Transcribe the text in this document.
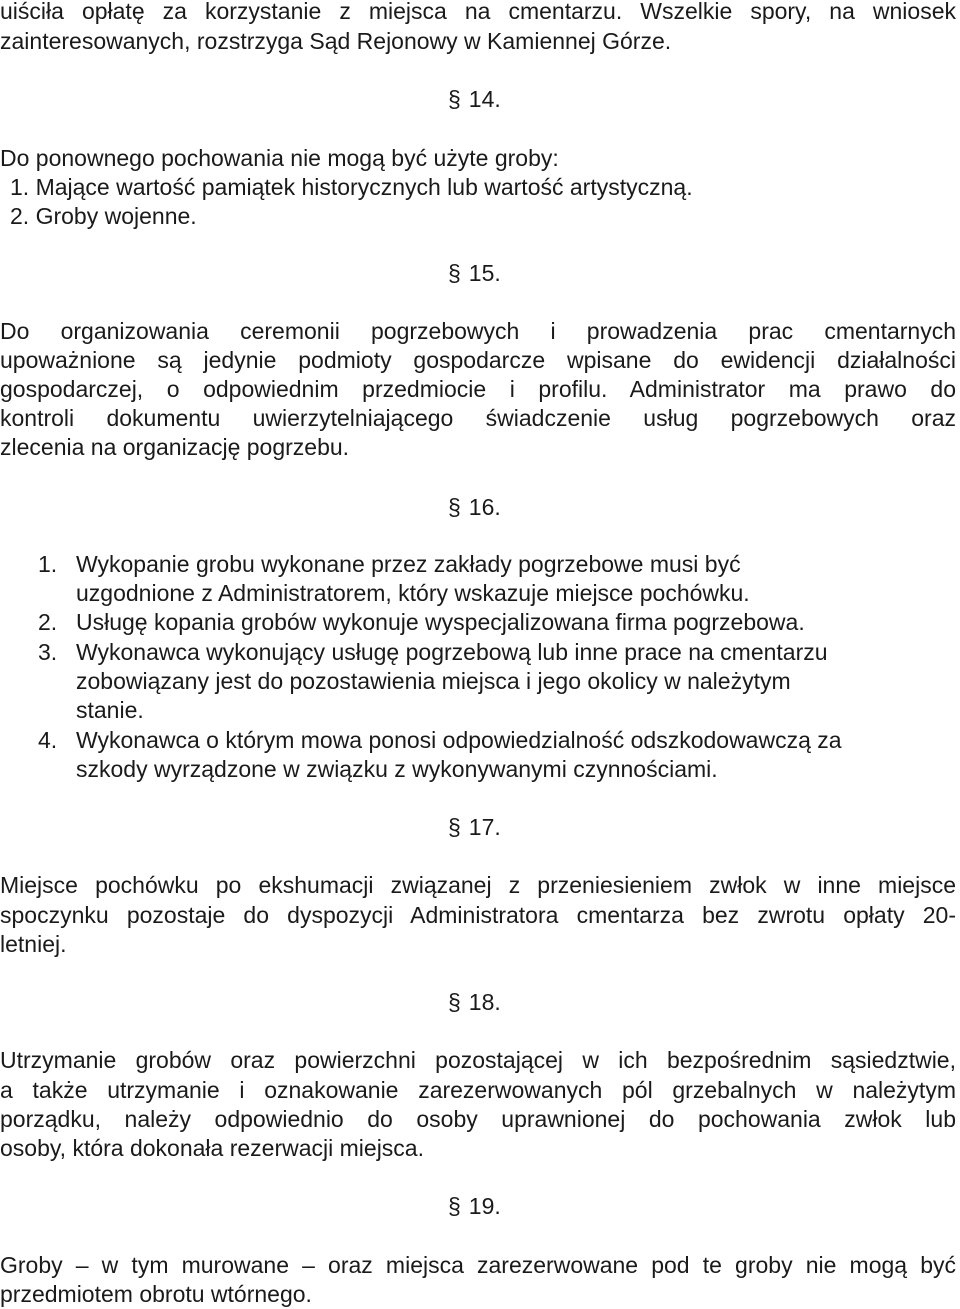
uiściła opłatę za korzystanie z miejsca na cmentarzu. Wszelkie spory, na wniosek
zainteresowanych, rozstrzyga Sąd Rejonowy w Kamiennej Górze.
§ 14.
Do ponownego pochowania nie mogą być użyte groby:
1. Mające wartość pamiątek historycznych lub wartość artystyczną.
2. Groby wojenne.
§ 15.
Do organizowania ceremonii pogrzebowych i prowadzenia prac cmentarnych
upoważnione są jedynie podmioty gospodarcze wpisane do ewidencji działalności
gospodarczej, o odpowiednim przedmiocie i profilu. Administrator ma prawo do
kontroli dokumentu uwierzytelniającego świadczenie usług pogrzebowych oraz
zlecenia na organizację pogrzebu.
§ 16.
1. Wykopanie grobu wykonane przez zakłady pogrzebowe musi być
uzgodnione z Administratorem, który wskazuje miejsce pochówku.
2. Usługę kopania grobów wykonuje wyspecjalizowana firma pogrzebowa.
3. Wykonawca wykonujący usługę pogrzebową lub inne prace na cmentarzu
zobowiązany jest do pozostawienia miejsca i jego okolicy w należytym
stanie.
4. Wykonawca o którym mowa ponosi odpowiedzialność odszkodowawczą za
szkody wyrządzone w związku z wykonywanymi czynnościami.
§ 17.
Miejsce pochówku po ekshumacji związanej z przeniesieniem zwłok w inne miejsce
spoczynku pozostaje do dyspozycji Administratora cmentarza bez zwrotu opłaty 20-
letniej.
§ 18.
Utrzymanie grobów oraz powierzchni pozostającej w ich bezpośrednim sąsiedztwie,
a także utrzymanie i oznakowanie zarezerwowanych pól grzebalnych w należytym
porządku, należy odpowiednio do osoby uprawnionej do pochowania zwłok lub
osoby, która dokonała rezerwacji miejsca.
§ 19.
Groby – w tym murowane – oraz miejsca zarezerwowane pod te groby nie mogą być
przedmiotem obrotu wtórnego.
